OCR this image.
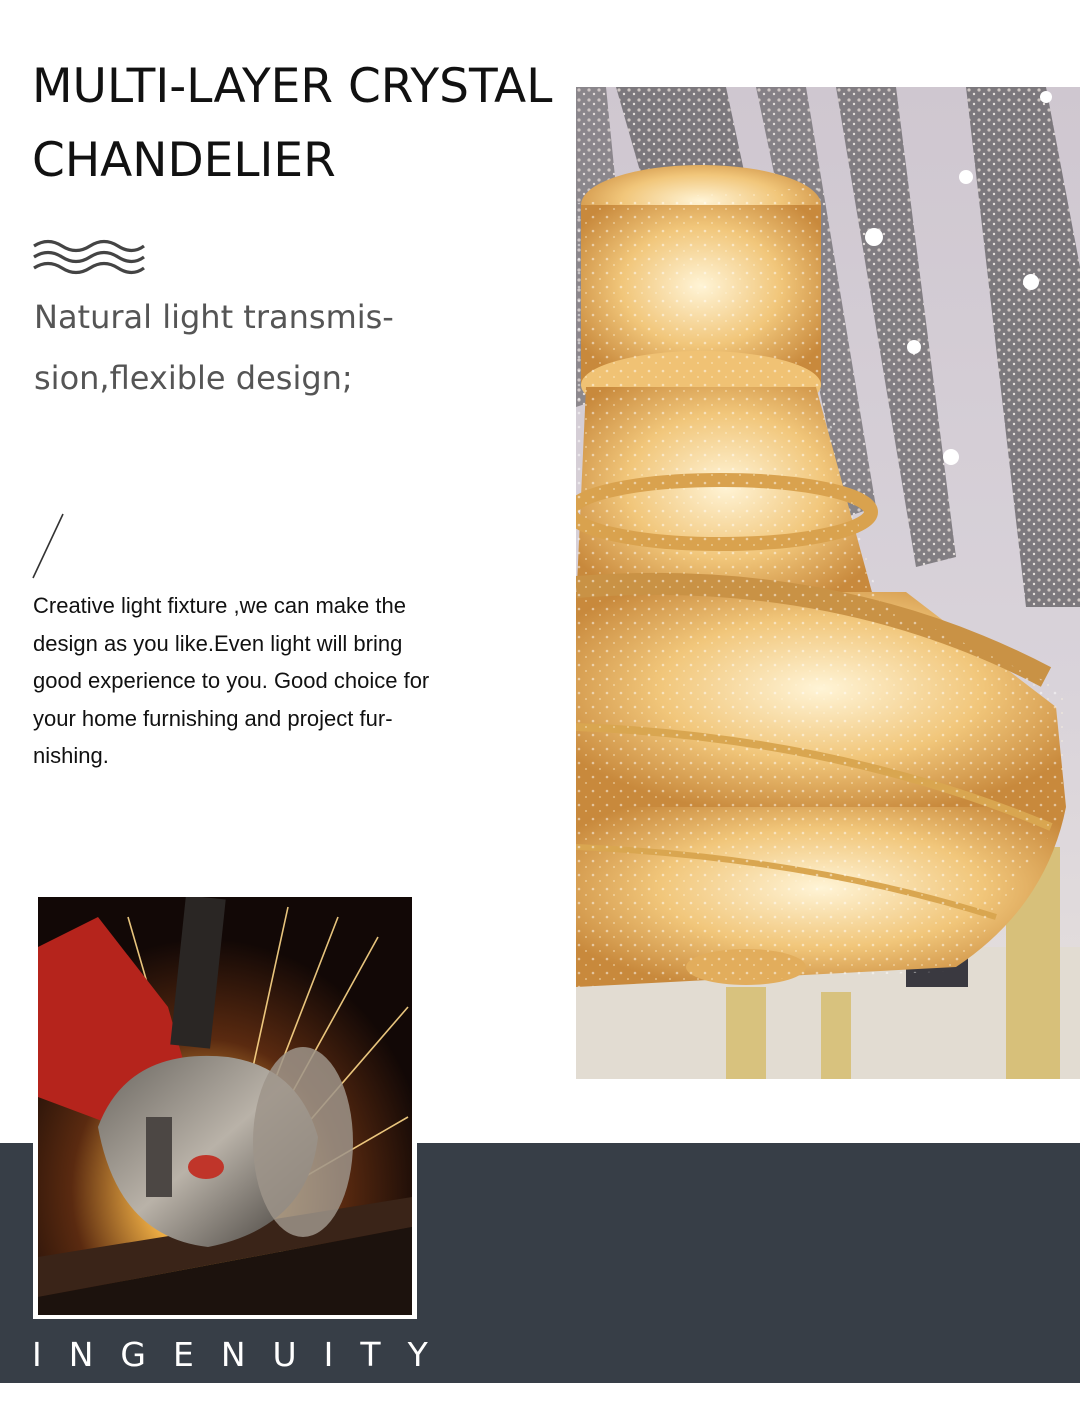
MULTI-LAYER CRYSTAL
CHANDELIER

Natural light transmis-
sion,flexible design;

Creative light fixture ,we can make the
design as you like.Even light will bring
good experience to you. Good choice for
your home furnishing and project fur-
nishing.

INGENUITY
